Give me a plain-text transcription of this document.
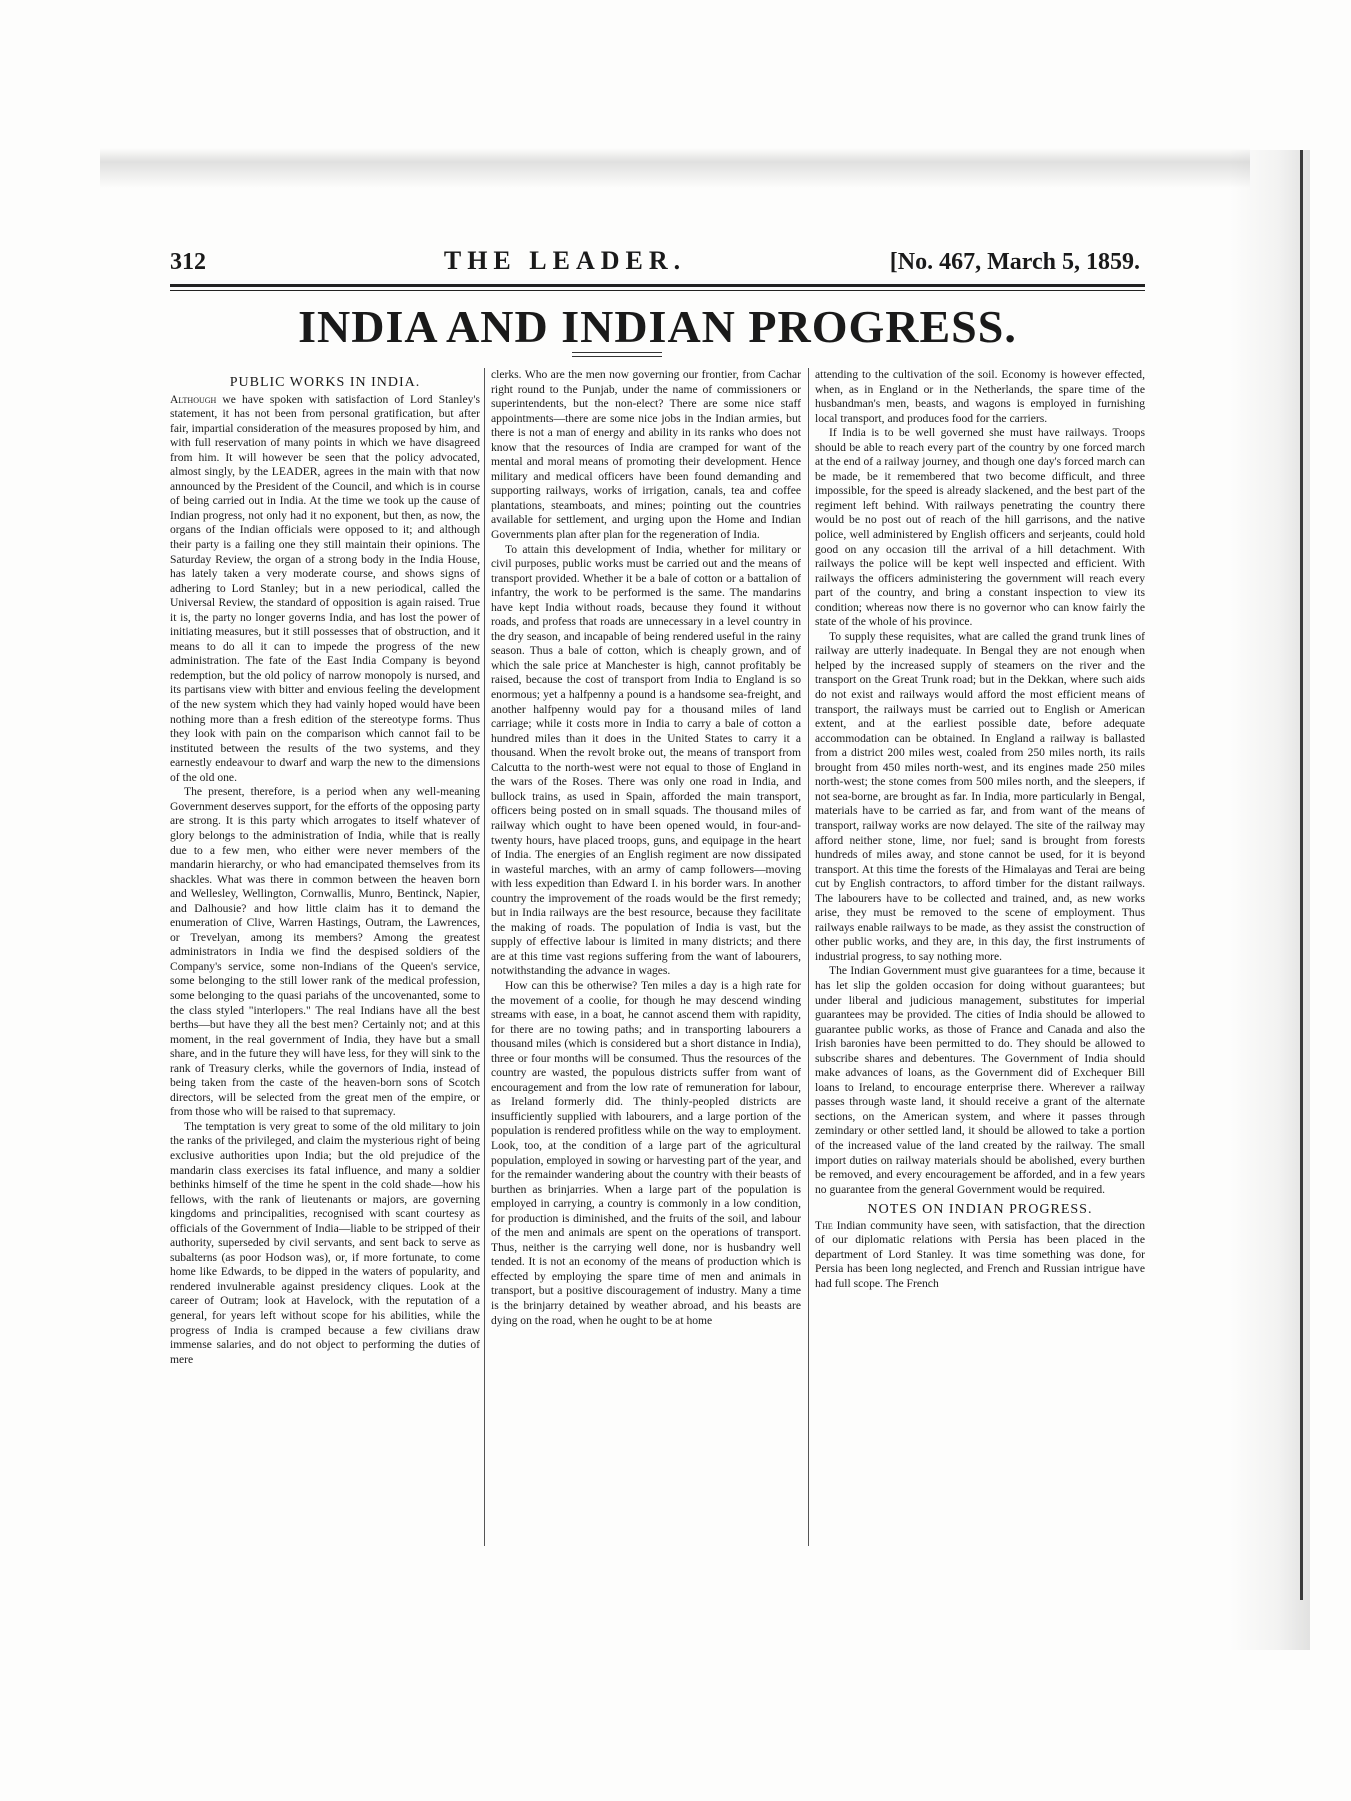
312	THE LEADER.	[No. 467, March 5, 1859.
INDIA AND INDIAN PROGRESS.
PUBLIC WORKS IN INDIA.

Although we have spoken with satisfaction of Lord Stanley's statement, it has not been from personal gratification, but after fair, impartial consideration of the measures proposed by him, and with full reservation of many points in which we have disagreed from him. It will however be seen that the policy advocated, almost singly, by the LEADER, agrees in the main with that now announced by the President of the Council, and which is in course of being carried out in India. At the time we took up the cause of Indian progress, not only had it no exponent, but then, as now, the organs of the Indian officials were opposed to it; and although their party is a failing one they still maintain their opinions. The Saturday Review, the organ of a strong body in the India House, has lately taken a very moderate course, and shows signs of adhering to Lord Stanley; but in a new periodical, called the Universal Review, the standard of opposition is again raised. True it is, the party no longer governs India, and has lost the power of initiating measures, but it still possesses that of obstruction, and it means to do all it can to impede the progress of the new administration. The fate of the East India Company is beyond redemption, but the old policy of narrow monopoly is nursed, and its partisans view with bitter and envious feeling the development of the new system which they had vainly hoped would have been nothing more than a fresh edition of the stereotype forms. Thus they look with pain on the comparison which cannot fail to be instituted between the results of the two systems, and they earnestly endeavour to dwarf and warp the new to the dimensions of the old one.

The present, therefore, is a period when any well-meaning Government deserves support, for the efforts of the opposing party are strong. It is this party which arrogates to itself whatever of glory belongs to the administration of India, while that is really due to a few men, who either were never members of the mandarin hierarchy, or who had emancipated themselves from its shackles. What was there in common between the heaven born and Wellesley, Wellington, Cornwallis, Munro, Bentinck, Napier, and Dalhousie? and how little claim has it to demand the enumeration of Clive, Warren Hastings, Outram, the Lawrences, or Trevelyan, among its members? Among the greatest administrators in India we find the despised soldiers of the Company's service, some non-Indians of the Queen's service, some belonging to the still lower rank of the medical profession, some belonging to the quasi pariahs of the uncovenanted, some to the class styled "interlopers." The real Indians have all the best berths—but have they all the best men? Certainly not; and at this moment, in the real government of India, they have but a small share, and in the future they will have less, for they will sink to the rank of Treasury clerks, while the governors of India, instead of being taken from the caste of the heaven-born sons of Scotch directors, will be selected from the great men of the empire, or from those who will be raised to that supremacy.

The temptation is very great to some of the old military to join the ranks of the privileged, and claim the mysterious right of being exclusive authorities upon India; but the old prejudice of the mandarin class exercises its fatal influence, and many a soldier bethinks himself of the time he spent in the cold shade—how his fellows, with the rank of lieutenants or majors, are governing kingdoms and principalities, recognised with scant courtesy as officials of the Government of India—liable to be stripped of their authority, superseded by civil servants, and sent back to serve as subalterns (as poor Hodson was), or, if more fortunate, to come home like Edwards, to be dipped in the waters of popularity, and rendered invulnerable against presidency cliques. Look at the career of Outram; look at Havelock, with the reputation of a general, for years left without scope for his abilities, while the progress of India is cramped because a few civilians draw immense salaries, and do not object to performing the duties of mere

clerks. Who are the men now governing our frontier, from Cachar right round to the Punjab, under the name of commissioners or superintendents, but the non-elect? There are some nice staff appointments—there are some nice jobs in the Indian armies, but there is not a man of energy and ability in its ranks who does not know that the resources of India are cramped for want of the mental and moral means of promoting their development. Hence military and medical officers have been found demanding and supporting railways, works of irrigation, canals, tea and coffee plantations, steamboats, and mines; pointing out the countries available for settlement, and urging upon the Home and Indian Governments plan after plan for the regeneration of India.

To attain this development of India, whether for military or civil purposes, public works must be carried out and the means of transport provided. Whether it be a bale of cotton or a battalion of infantry, the work to be performed is the same. The mandarins have kept India without roads, because they found it without roads, and profess that roads are unnecessary in a level country in the dry season, and incapable of being rendered useful in the rainy season. Thus a bale of cotton, which is cheaply grown, and of which the sale price at Manchester is high, cannot profitably be raised, because the cost of transport from India to England is so enormous; yet a halfpenny a pound is a handsome sea-freight, and another halfpenny would pay for a thousand miles of land carriage; while it costs more in India to carry a bale of cotton a hundred miles than it does in the United States to carry it a thousand. When the revolt broke out, the means of transport from Calcutta to the north-west were not equal to those of England in the wars of the Roses. There was only one road in India, and bullock trains, as used in Spain, afforded the main transport, officers being posted on in small squads. The thousand miles of railway which ought to have been opened would, in four-and-twenty hours, have placed troops, guns, and equipage in the heart of India. The energies of an English regiment are now dissipated in wasteful marches, with an army of camp followers—moving with less expedition than Edward I. in his border wars. In another country the improvement of the roads would be the first remedy; but in India railways are the best resource, because they facilitate the making of roads. The population of India is vast, but the supply of effective labour is limited in many districts; and there are at this time vast regions suffering from the want of labourers, notwithstanding the advance in wages.

How can this be otherwise? Ten miles a day is a high rate for the movement of a coolie, for though he may descend winding streams with ease, in a boat, he cannot ascend them with rapidity, for there are no towing paths; and in transporting labourers a thousand miles (which is considered but a short distance in India), three or four months will be consumed. Thus the resources of the country are wasted, the populous districts suffer from want of encouragement and from the low rate of remuneration for labour, as Ireland formerly did. The thinly-peopled districts are insufficiently supplied with labourers, and a large portion of the population is rendered profitless while on the way to employment. Look, too, at the condition of a large part of the agricultural population, employed in sowing or harvesting part of the year, and for the remainder wandering about the country with their beasts of burthen as brinjarries. When a large part of the population is employed in carrying, a country is commonly in a low condition, for production is diminished, and the fruits of the soil, and labour of the men and animals are spent on the operations of transport. Thus, neither is the carrying well done, nor is husbandry well tended. It is not an economy of the means of production which is effected by employing the spare time of men and animals in transport, but a positive discouragement of industry. Many a time is the brinjarry detained by weather abroad, and his beasts are dying on the road, when he ought to be at home

attending to the cultivation of the soil. Economy is however effected, when, as in England or in the Netherlands, the spare time of the husbandman's men, beasts, and wagons is employed in furnishing local transport, and produces food for the carriers.

If India is to be well governed she must have railways. Troops should be able to reach every part of the country by one forced march at the end of a railway journey, and though one day's forced march can be made, be it remembered that two become difficult, and three impossible, for the speed is already slackened, and the best part of the regiment left behind. With railways penetrating the country there would be no post out of reach of the hill garrisons, and the native police, well administered by English officers and serjeants, could hold good on any occasion till the arrival of a hill detachment. With railways the police will be kept well inspected and efficient. With railways the officers administering the government will reach every part of the country, and bring a constant inspection to view its condition; whereas now there is no governor who can know fairly the state of the whole of his province.

To supply these requisites, what are called the grand trunk lines of railway are utterly inadequate. In Bengal they are not enough when helped by the increased supply of steamers on the river and the transport on the Great Trunk road; but in the Dekkan, where such aids do not exist and railways would afford the most efficient means of transport, the railways must be carried out to English or American extent, and at the earliest possible date, before adequate accommodation can be obtained. In England a railway is ballasted from a district 200 miles west, coaled from 250 miles north, its rails brought from 450 miles north-west, and its engines made 250 miles north-west; the stone comes from 500 miles north, and the sleepers, if not sea-borne, are brought as far. In India, more particularly in Bengal, materials have to be carried as far, and from want of the means of transport, railway works are now delayed. The site of the railway may afford neither stone, lime, nor fuel; sand is brought from forests hundreds of miles away, and stone cannot be used, for it is beyond transport. At this time the forests of the Himalayas and Terai are being cut by English contractors, to afford timber for the distant railways. The labourers have to be collected and trained, and, as new works arise, they must be removed to the scene of employment. Thus railways enable railways to be made, as they assist the construction of other public works, and they are, in this day, the first instruments of industrial progress, to say nothing more.

The Indian Government must give guarantees for a time, because it has let slip the golden occasion for doing without guarantees; but under liberal and judicious management, substitutes for imperial guarantees may be provided. The cities of India should be allowed to guarantee public works, as those of France and Canada and also the Irish baronies have been permitted to do. They should be allowed to subscribe shares and debentures. The Government of India should make advances of loans, as the Government did of Exchequer Bill loans to Ireland, to encourage enterprise there. Wherever a railway passes through waste land, it should receive a grant of the alternate sections, on the American system, and where it passes through zemindary or other settled land, it should be allowed to take a portion of the increased value of the land created by the railway. The small import duties on railway materials should be abolished, every burthen be removed, and every encouragement be afforded, and in a few years no guarantee from the general Government would be required.

NOTES ON INDIAN PROGRESS.

The Indian community have seen, with satisfaction, that the direction of our diplomatic relations with Persia has been placed in the department of Lord Stanley. It was time something was done, for Persia has been long neglected, and French and Russian intrigue have had full scope. The French
